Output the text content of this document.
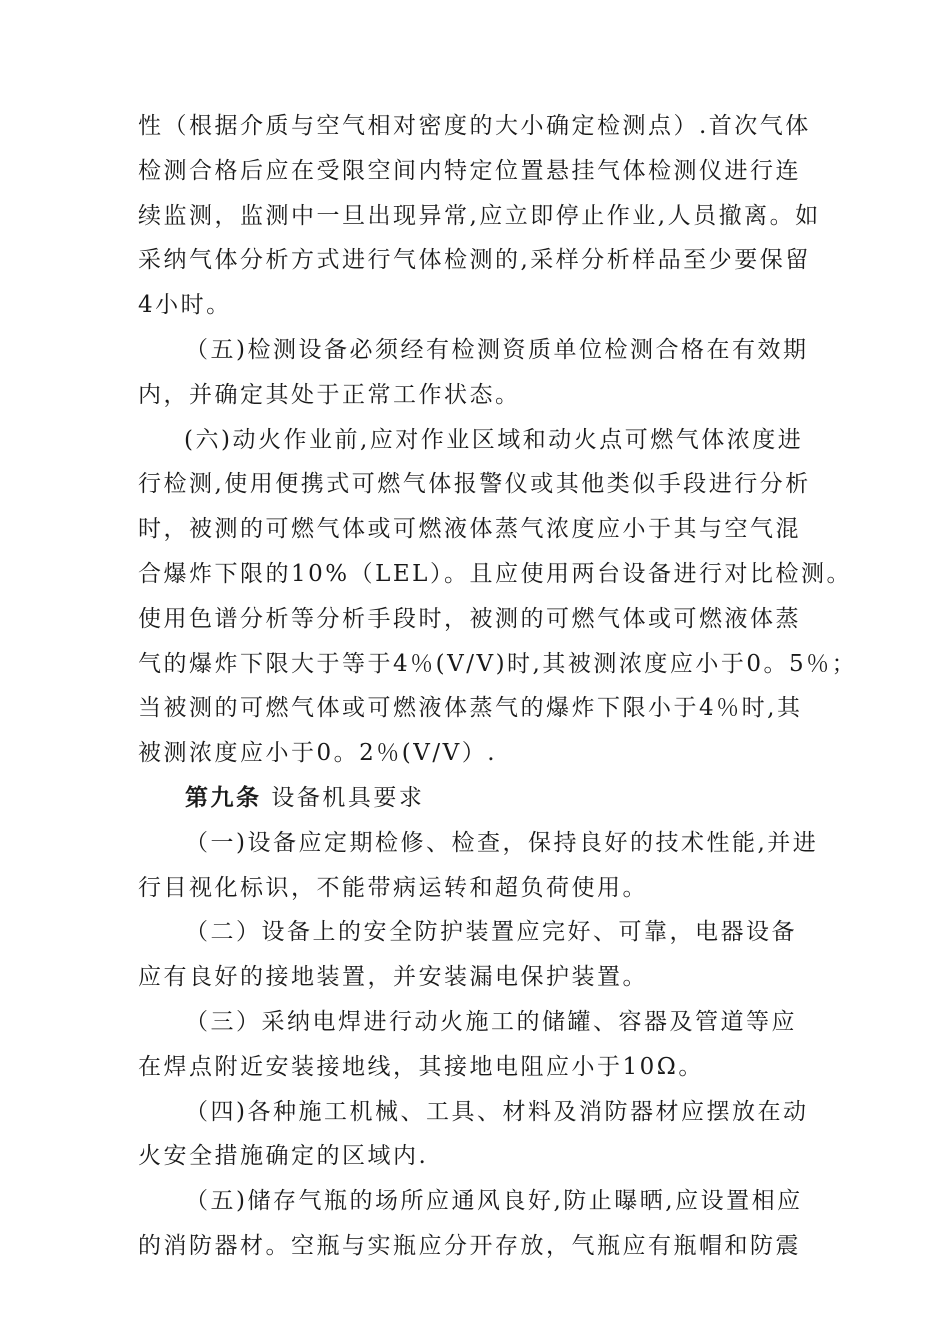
性（根据介质与空气相对密度的大小确定检测点）.首次气体
检测合格后应在受限空间内特定位置悬挂气体检测仪进行连
续监测，监测中一旦出现异常,应立即停止作业,人员撤离。如
采纳气体分析方式进行气体检测的,采样分析样品至少要保留
4小时。
（五)检测设备必须经有检测资质单位检测合格在有效期
内，并确定其处于正常工作状态。
(六)动火作业前,应对作业区域和动火点可燃气体浓度进
行检测,使用便携式可燃气体报警仪或其他类似手段进行分析
时，被测的可燃气体或可燃液体蒸气浓度应小于其与空气混
合爆炸下限的10%（LEL）。且应使用两台设备进行对比检测。
使用色谱分析等分析手段时，被测的可燃气体或可燃液体蒸
气的爆炸下限大于等于4％(V/V)时,其被测浓度应小于0。5％；
当被测的可燃气体或可燃液体蒸气的爆炸下限小于4％时,其
被测浓度应小于0。2％(V/V）.
第九条 设备机具要求
（一)设备应定期检修、检查，保持良好的技术性能,并进
行目视化标识，不能带病运转和超负荷使用。
（二）设备上的安全防护装置应完好、可靠，电器设备
应有良好的接地装置，并安装漏电保护装置。
（三）采纳电焊进行动火施工的储罐、容器及管道等应
在焊点附近安装接地线，其接地电阻应小于10Ω。
（四)各种施工机械、工具、材料及消防器材应摆放在动
火安全措施确定的区域内.
（五)储存气瓶的场所应通风良好,防止曝晒,应设置相应
的消防器材。空瓶与实瓶应分开存放，气瓶应有瓶帽和防震
